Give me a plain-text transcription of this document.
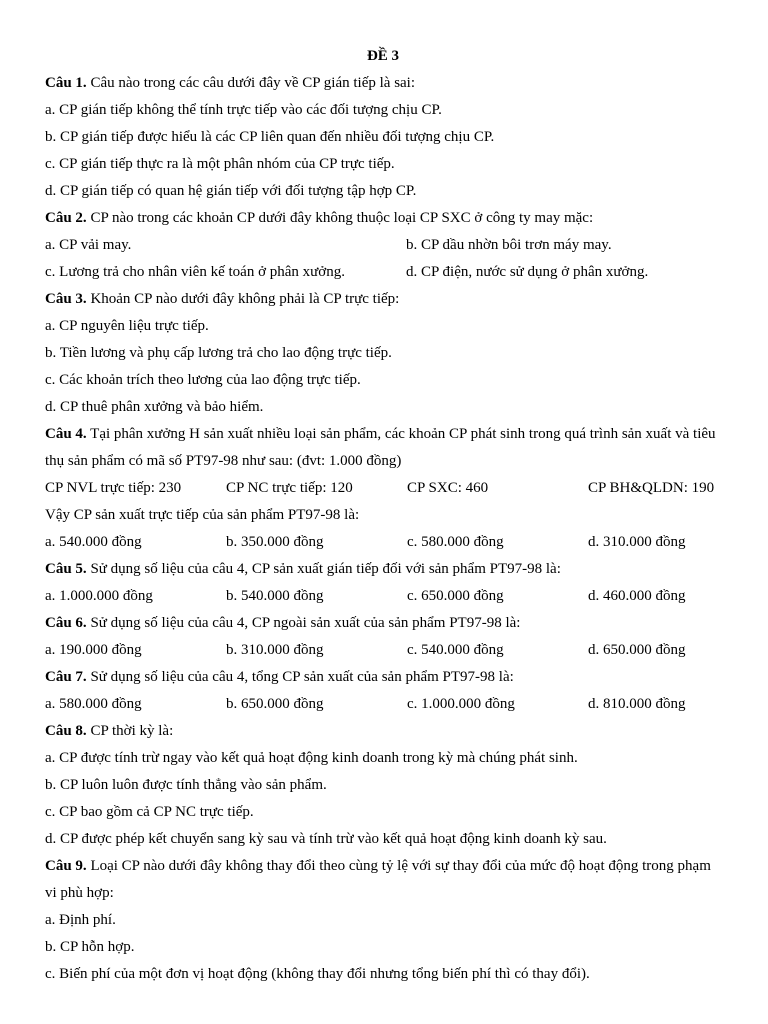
ĐỀ 3
Câu 1. Câu nào trong các câu dưới đây về CP gián tiếp là sai:
a. CP gián tiếp không thể tính trực tiếp vào các đối tượng chịu CP.
b. CP gián tiếp được hiểu là các CP liên quan đến nhiều đối tượng chịu CP.
c. CP gián tiếp thực ra là một phân nhóm của CP trực tiếp.
d. CP gián tiếp có quan hệ gián tiếp với đối tượng tập hợp CP.
Câu 2. CP nào trong các khoản CP dưới đây không thuộc loại CP SXC ở công ty may mặc:
a. CP vải may.	b. CP dầu nhờn bôi trơn máy may.
c. Lương trả cho nhân viên kế toán ở phân xưởng.	d. CP điện, nước sử dụng ở phân xưởng.
Câu 3. Khoản CP nào dưới đây không phải là CP trực tiếp:
a. CP nguyên liệu trực tiếp.
b. Tiền lương và phụ cấp lương trả cho lao động trực tiếp.
c. Các khoản trích theo lương của lao động trực tiếp.
d. CP thuê phân xưởng và bảo hiểm.
Câu 4. Tại phân xưởng H sản xuất nhiều loại sản phẩm, các khoản CP phát sinh trong quá trình sản xuất và tiêu thụ sản phẩm có mã số PT97-98 như sau: (đvt: 1.000 đồng)
CP NVL trực tiếp: 230	CP NC trực tiếp: 120	CP SXC: 460	CP BH&QLDN: 190
Vậy CP sản xuất trực tiếp của sản phẩm PT97-98 là:
a. 540.000 đồng	b. 350.000 đồng	c. 580.000 đồng	d. 310.000 đồng
Câu 5. Sử dụng số liệu của câu 4, CP sản xuất gián tiếp đối với sản phẩm PT97-98 là:
a. 1.000.000 đồng	b. 540.000 đồng	c. 650.000 đồng	d. 460.000 đồng
Câu 6. Sử dụng số liệu của câu 4, CP ngoài sản xuất của sản phẩm PT97-98 là:
a. 190.000 đồng	b. 310.000 đồng	c. 540.000 đồng	d. 650.000 đồng
Câu 7. Sử dụng số liệu của câu 4, tổng CP sản xuất của sản phẩm PT97-98 là:
a. 580.000 đồng	b. 650.000 đồng	c. 1.000.000 đồng	d. 810.000 đồng
Câu 8. CP thời kỳ là:
a. CP được tính trừ ngay vào kết quả hoạt động kinh doanh trong kỳ mà chúng phát sinh.
b. CP luôn luôn được tính thẳng vào sản phẩm.
c. CP bao gồm cả CP NC trực tiếp.
d. CP được phép kết chuyển sang kỳ sau và tính trừ vào kết quả hoạt động kinh doanh kỳ sau.
Câu 9. Loại CP nào dưới đây không thay đổi theo cùng tỷ lệ với sự thay đổi của mức độ hoạt động trong phạm vi phù hợp:
a. Định phí.
b. CP hỗn hợp.
c. Biến phí của một đơn vị hoạt động (không thay đổi nhưng tổng biến phí thì có thay đổi).
